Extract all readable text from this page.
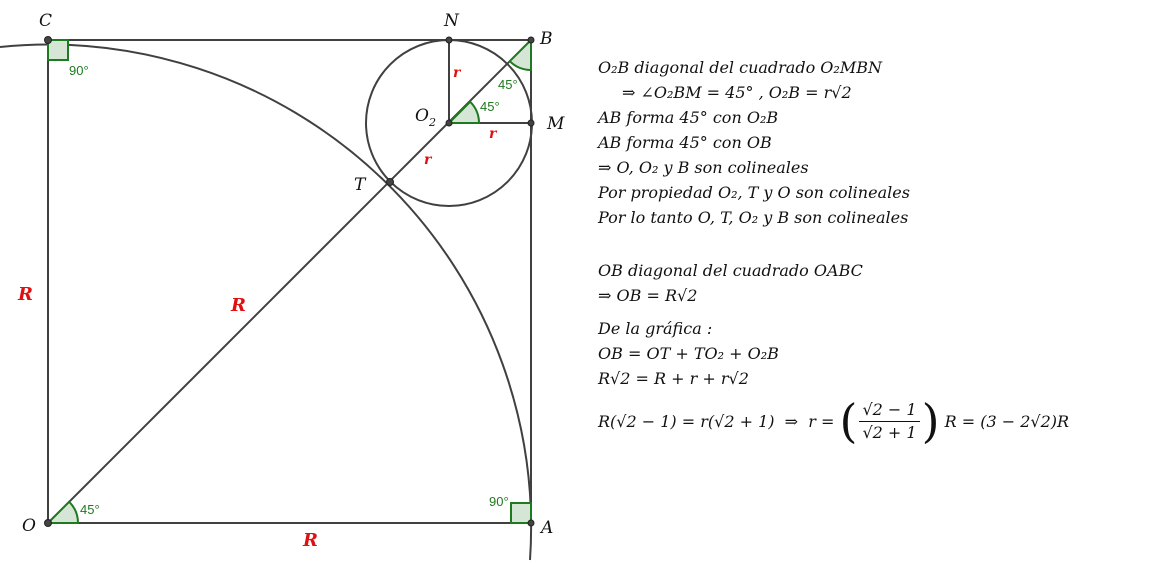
C	N
B
$O_2$	M
T
O	A
90°
45°
45°
45°
90°
R
R
R
r
r
r
O₂B diagonal del cuadrado O₂MBN
⇒ ∠O₂BM = 45° , O₂B = r√2
AB forma 45° con O₂B
AB forma 45° con OB
⇒ O, O₂ y B son colineales
Por propiedad O₂, T y O son colineales
Por lo tanto O, T, O₂ y B son colineales
OB diagonal del cuadrado OABC
⇒ OB = R√2
De la gráfica :
OB = OT + TO₂ + O₂B
R√2 = R + r + r√2
R(√2 − 1) = r(√2 + 1)  ⇒  r = ( $\frac{√2 - 1}{√2 + 1}$ ) R = (3 − 2√2)R
